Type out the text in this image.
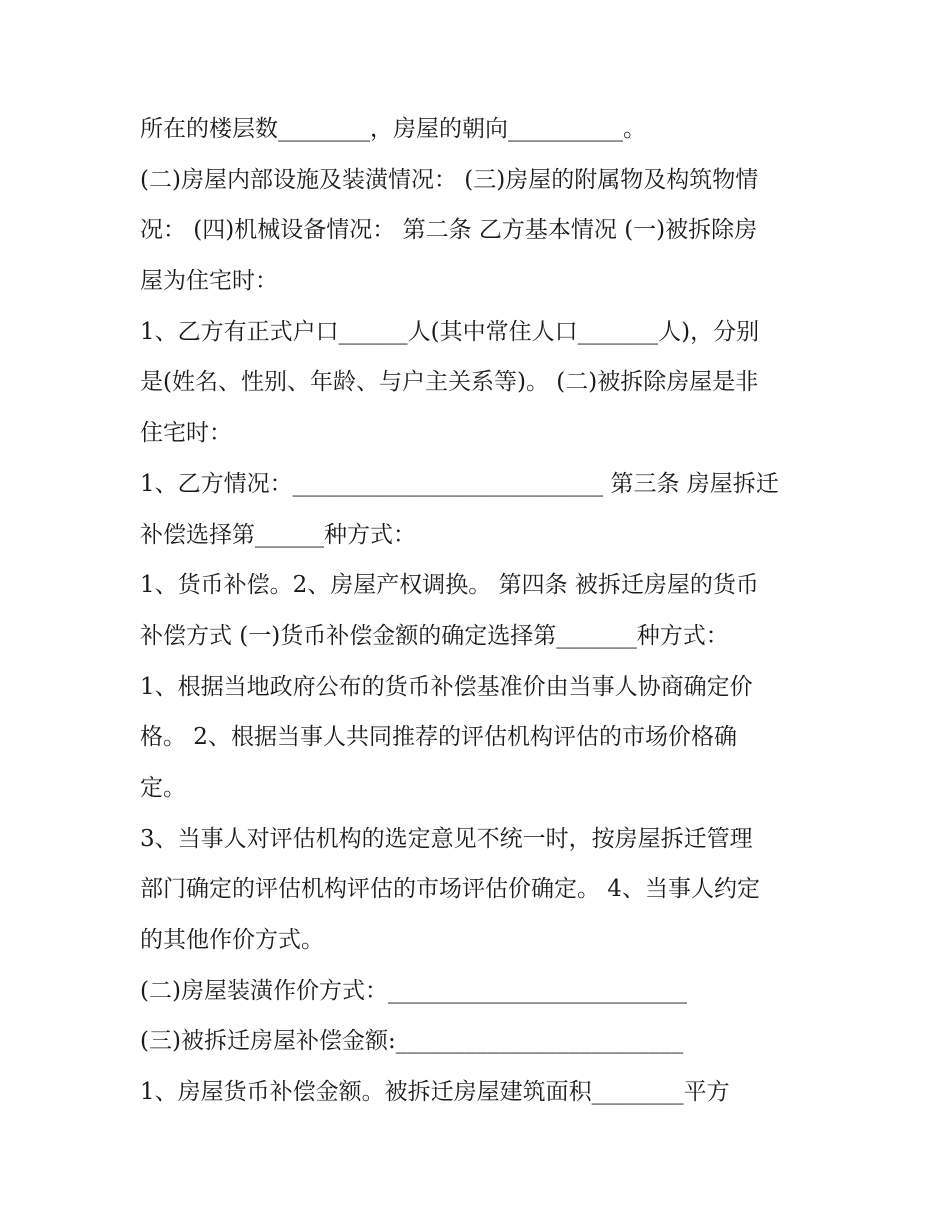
所在的楼层数________，房屋的朝向__________。
(二)房屋内部设施及装潢情况： (三)房屋的附属物及构筑物情
况： (四)机械设备情况： 第二条 乙方基本情况 (一)被拆除房
屋为住宅时：
1、乙方有正式户口______人(其中常住人口_______人)，分别
是(姓名、性别、年龄、与户主关系等)。 (二)被拆除房屋是非
住宅时：
1、乙方情况：___________________________ 第三条 房屋拆迁
补偿选择第______种方式：
1、货币补偿。2、房屋产权调换。 第四条 被拆迁房屋的货币
补偿方式 (一)货币补偿金额的确定选择第_______种方式：
1、根据当地政府公布的货币补偿基准价由当事人协商确定价
格。 2、根据当事人共同推荐的评估机构评估的市场价格确
定。
3、当事人对评估机构的选定意见不统一时，按房屋拆迁管理
部门确定的评估机构评估的市场评估价确定。 4、当事人约定
的其他作价方式。
(二)房屋装潢作价方式：__________________________
(三)被拆迁房屋补偿金额:_________________________
1、房屋货币补偿金额。被拆迁房屋建筑面积________平方
